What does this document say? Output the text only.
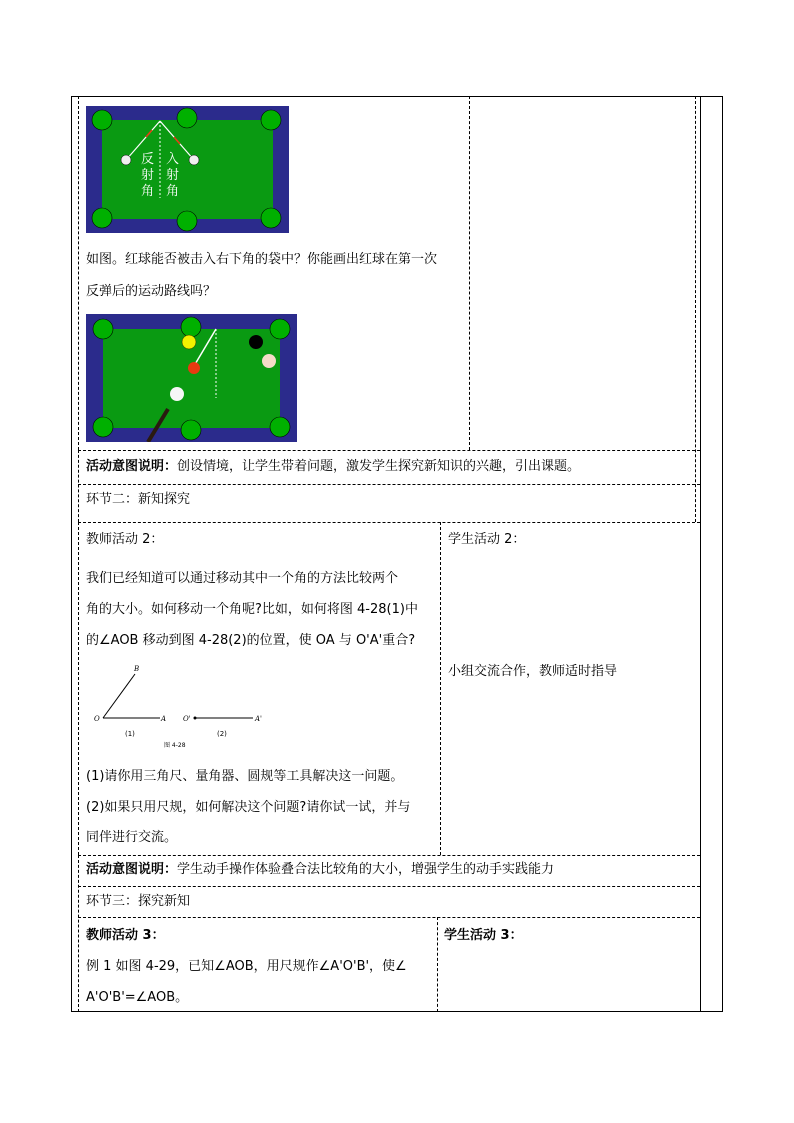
反
射
角
入
射
角
如图。红球能否被击入右下角的袋中？你能画出红球在第一次
反弹后的运动路线吗？
活动意图说明：创设情境，让学生带着问题，激发学生探究新知识的兴趣，引出课题。
环节二：新知探究
教师活动 2：
我们已经知道可以通过移动其中一个角的方法比较两个
角的大小。如何移动一个角呢?比如，如何将图 4-28(1)中
的∠AOB 移动到图 4-28(2)的位置，使 OA 与 O'A'重合?
B
O	A O'	A'
(1)	(2)
图 4-28
(1)请你用三角尺、量角器、圆规等工具解决这一问题。
(2)如果只用尺规，如何解决这个问题?请你试一试，并与
同伴进行交流。
学生活动 2：
小组交流合作，教师适时指导
活动意图说明：学生动手操作体验叠合法比较角的大小，增强学生的动手实践能力
环节三：探究新知
教师活动 3：
例 1 如图 4-29，已知∠AOB，用尺规作∠A'O'B'，使∠
A'O'B'=∠AOB。
学生活动 3：
